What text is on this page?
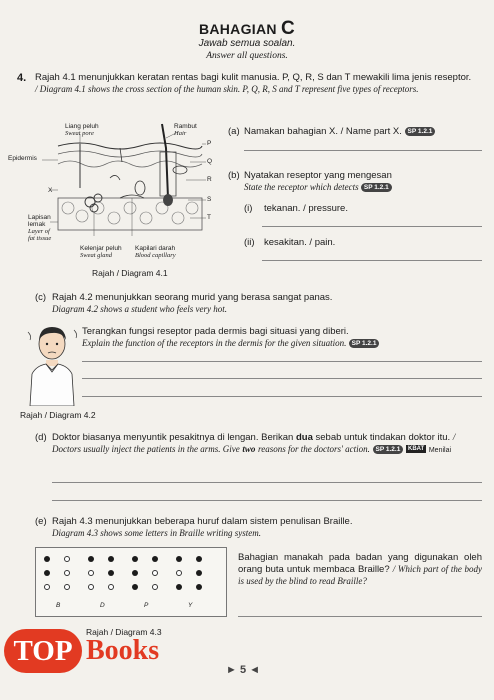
BAHAGIAN C
Jawab semua soalan.
Answer all questions.
4. Rajah 4.1 menunjukkan keratan rentas bagi kulit manusia. P, Q, R, S dan T mewakili lima jenis reseptor. / Diagram 4.1 shows the cross section of the human skin. P, Q, R, S and T represent five types of receptors.
Liang peluh
Sweat pore
Rambut
Hair
Epidermis
X
Lapisan lemak
Layer of fat tissue
Kelenjar peluh
Sweat gland
Kapilari darah
Blood capillary
P
Q
R
S
T
Rajah / Diagram 4.1
(a) Namakan bahagian X. / Name part X. SP 1.2.1
(b) Nyatakan reseptor yang mengesan
State the receptor which detects SP 1.2.1
(i) tekanan. / pressure.
(ii) kesakitan. / pain.
(c) Rajah 4.2 menunjukkan seorang murid yang berasa sangat panas.
Diagram 4.2 shows a student who feels very hot.
Rajah / Diagram 4.2
Terangkan fungsi reseptor pada dermis bagi situasi yang diberi.
Explain the function of the receptors in the dermis for the given situation. SP 1.2.1
(d) Doktor biasanya menyuntik pesakitnya di lengan. Berikan dua sebab untuk tindakan doktor itu. / Doctors usually inject the patients in the arms. Give two reasons for the doctors' action. SP 1.2.1 KBAT Menilai
(e) Rajah 4.3 menunjukkan beberapa huruf dalam sistem penulisan Braille.
Diagram 4.3 shows some letters in Braille writing system.
B	D	P	Y
Rajah / Diagram 4.3
Bahagian manakah pada badan yang digunakan oleh orang buta untuk membaca Braille? / Which part of the body is used by the blind to read Braille?
TOP Books
► 5 ◄
